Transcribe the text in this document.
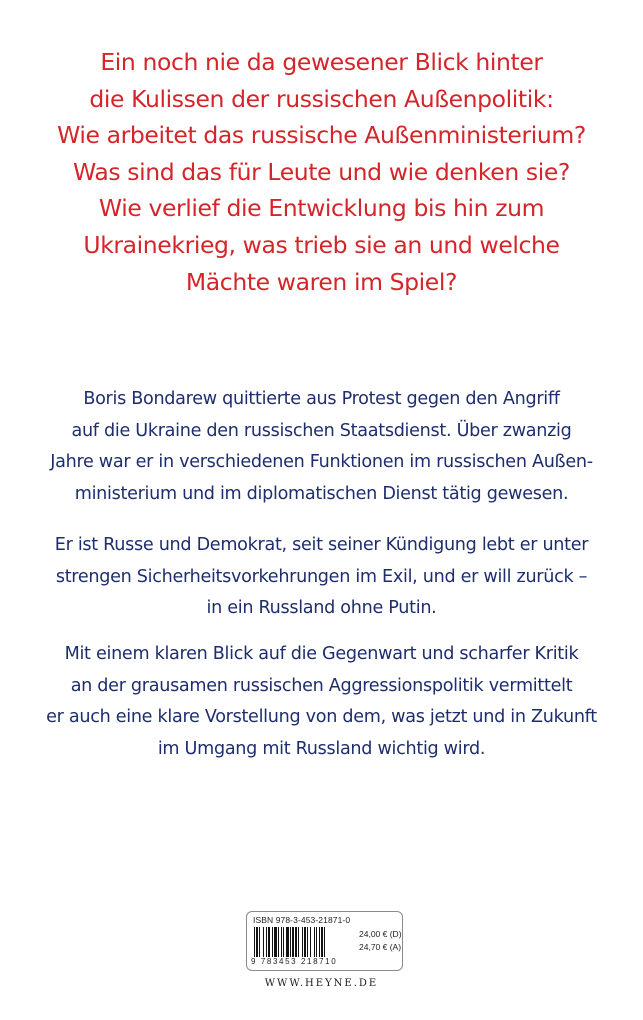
Ein noch nie da gewesener Blick hinter
die Kulissen der russischen Außenpolitik:
Wie arbeitet das russische Außenministerium?
Was sind das für Leute und wie denken sie?
Wie verlief die Entwicklung bis hin zum
Ukrainekrieg, was trieb sie an und welche
Mächte waren im Spiel?
Boris Bondarew quittierte aus Protest gegen den Angriff
auf die Ukraine den russischen Staatsdienst. Über zwanzig
Jahre war er in verschiedenen Funktionen im russischen Außen-
ministerium und im diplomatischen Dienst tätig gewesen.
Er ist Russe und Demokrat, seit seiner Kündigung lebt er unter
strengen Sicherheitsvorkehrungen im Exil, und er will zurück –
in ein Russland ohne Putin.
Mit einem klaren Blick auf die Gegenwart und scharfer Kritik
an der grausamen russischen Aggressionspolitik vermittelt
er auch eine klare Vorstellung von dem, was jetzt und in Zukunft
im Umgang mit Russland wichtig wird.
ISBN 978-3-453-21871-0
9 783453 218710
24,00 € (D)
24,70 € (A)
WWW.HEYNE.DE
